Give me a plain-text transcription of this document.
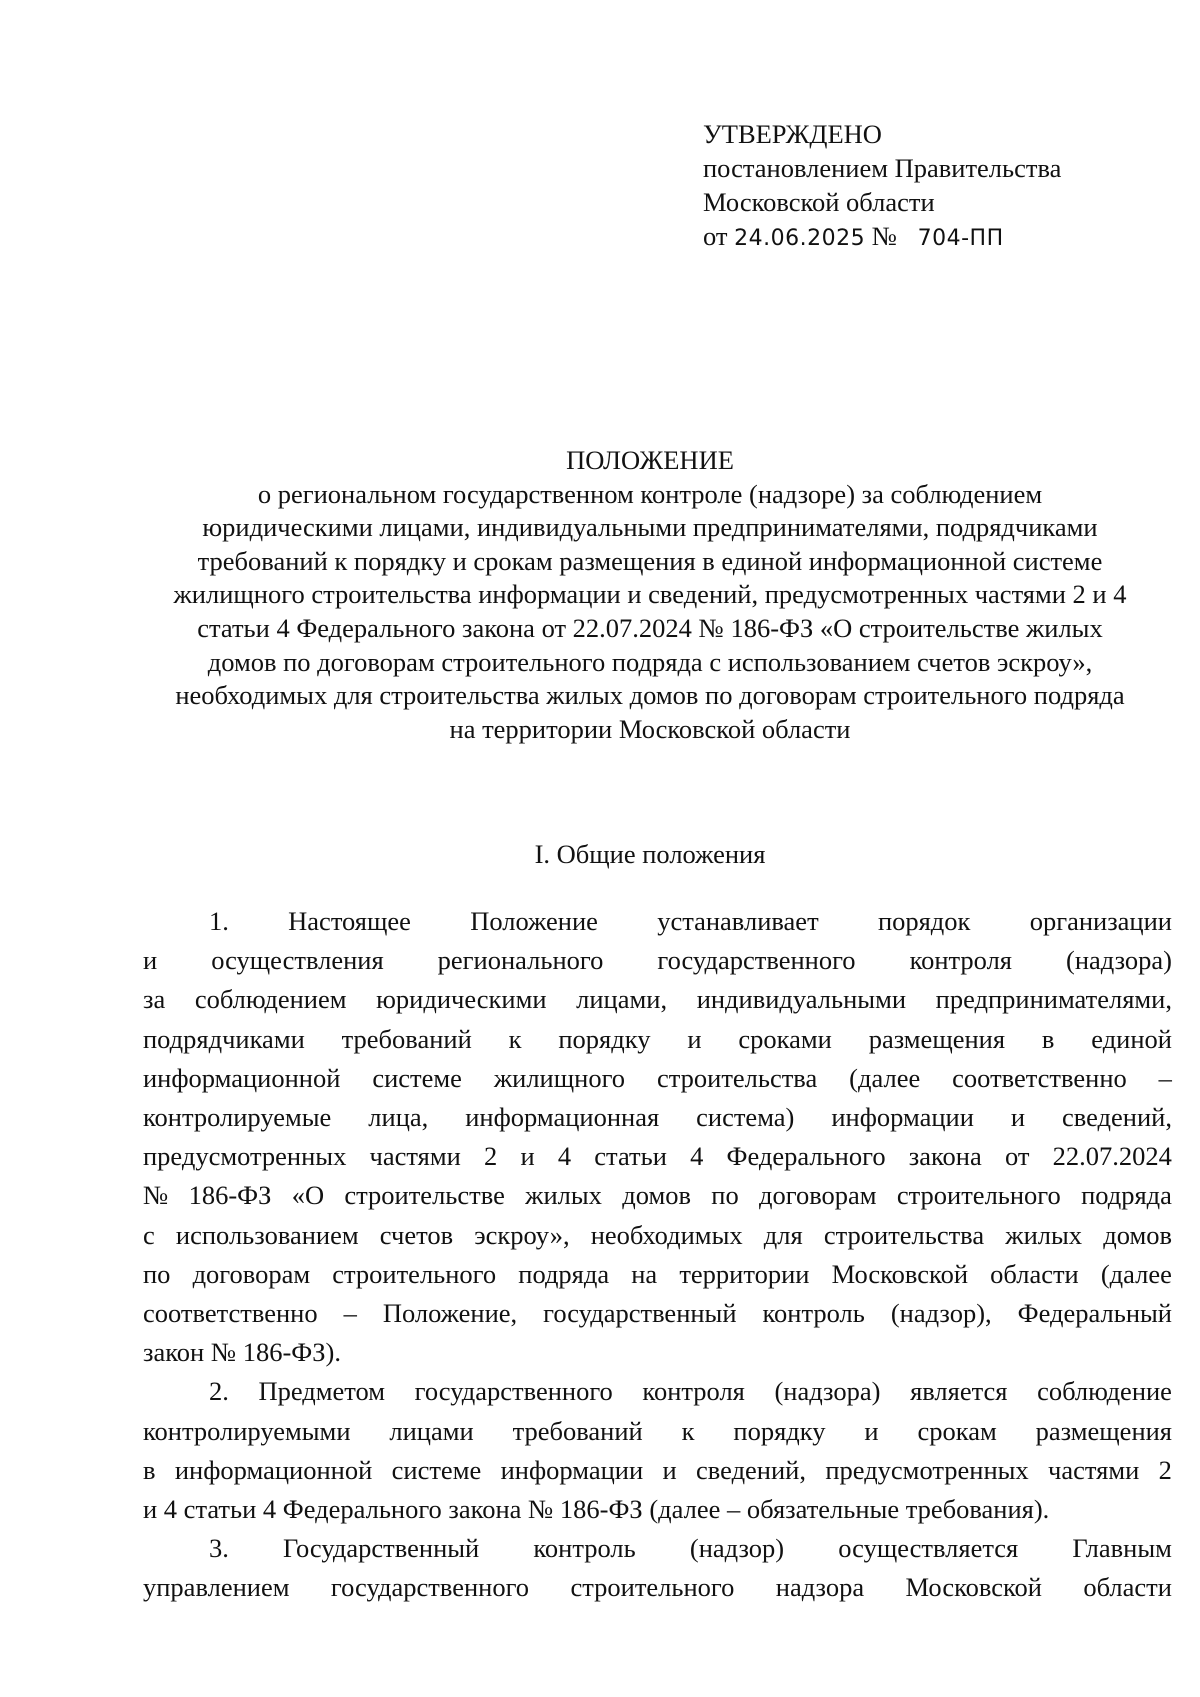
УТВЕРЖДЕНО
постановлением Правительства
Московской области
от 24.06.2025 № 704-ПП
ПОЛОЖЕНИЕ
о региональном государственном контроле (надзоре) за соблюдением
юридическими лицами, индивидуальными предпринимателями, подрядчиками
требований к порядку и срокам размещения в единой информационной системе
жилищного строительства информации и сведений, предусмотренных частями 2 и 4
статьи 4 Федерального закона от 22.07.2024 № 186-ФЗ «О строительстве жилых
домов по договорам строительного подряда с использованием счетов эскроу»,
необходимых для строительства жилых домов по договорам строительного подряда
на территории Московской области
I. Общие положения
1. Настоящее Положение устанавливает порядок организации
и осуществления регионального государственного контроля (надзора)
за соблюдением юридическими лицами, индивидуальными предпринимателями,
подрядчиками требований к порядку и сроками размещения в единой
информационной системе жилищного строительства (далее соответственно –
контролируемые лица, информационная система) информации и сведений,
предусмотренных частями 2 и 4 статьи 4 Федерального закона от 22.07.2024
№ 186-ФЗ «О строительстве жилых домов по договорам строительного подряда
с использованием счетов эскроу», необходимых для строительства жилых домов
по договорам строительного подряда на территории Московской области (далее
соответственно – Положение, государственный контроль (надзор), Федеральный
закон № 186-ФЗ).
2. Предметом государственного контроля (надзора) является соблюдение
контролируемыми лицами требований к порядку и срокам размещения
в информационной системе информации и сведений, предусмотренных частями 2
и 4 статьи 4 Федерального закона № 186-ФЗ (далее – обязательные требования).
3. Государственный контроль (надзор) осуществляется Главным
управлением государственного строительного надзора Московской области
